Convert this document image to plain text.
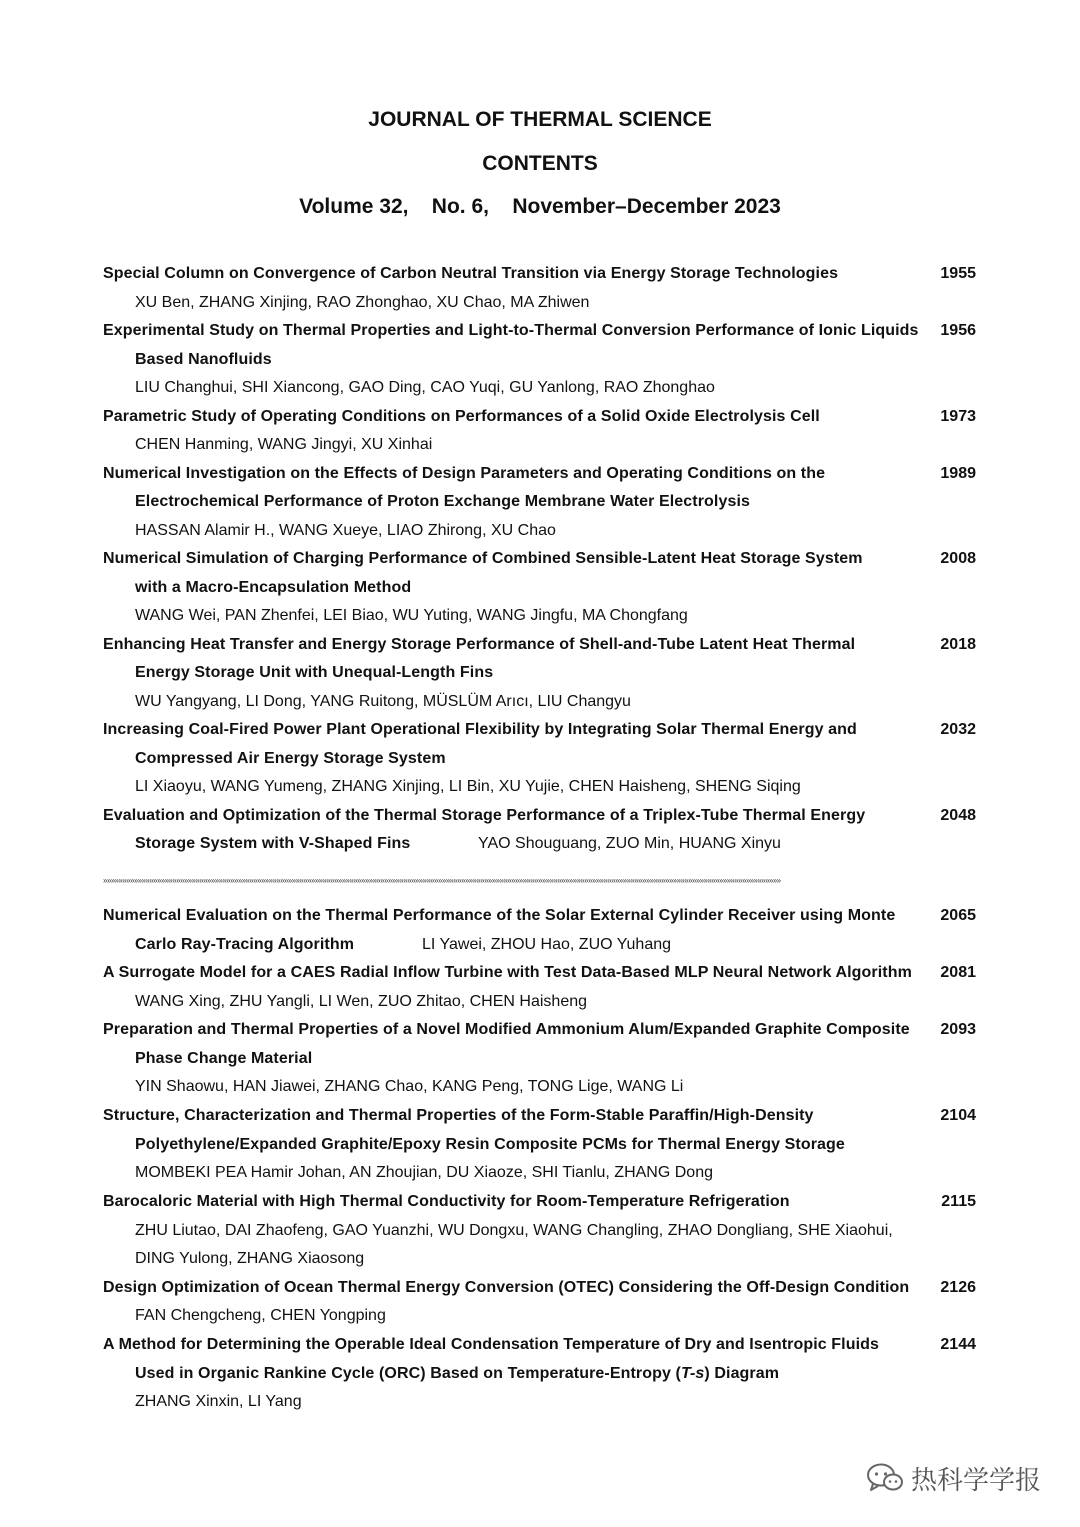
JOURNAL OF THERMAL SCIENCE
CONTENTS
Volume 32,    No. 6,    November–December 2023
Special Column on Convergence of Carbon Neutral Transition via Energy Storage Technologies	1955
XU Ben, ZHANG Xinjing, RAO Zhonghao, XU Chao, MA Zhiwen
Experimental Study on Thermal Properties and Light-to-Thermal Conversion Performance of Ionic Liquids 1956
Based Nanofluids
LIU Changhui, SHI Xiancong, GAO Ding, CAO Yuqi, GU Yanlong, RAO Zhonghao
Parametric Study of Operating Conditions on Performances of a Solid Oxide Electrolysis Cell	1973
CHEN Hanming, WANG Jingyi, XU Xinhai
Numerical Investigation on the Effects of Design Parameters and Operating Conditions on the	1989
Electrochemical Performance of Proton Exchange Membrane Water Electrolysis
HASSAN Alamir H., WANG Xueye, LIAO Zhirong, XU Chao
Numerical Simulation of Charging Performance of Combined Sensible-Latent Heat Storage System	2008
with a Macro-Encapsulation Method
WANG Wei, PAN Zhenfei, LEI Biao, WU Yuting, WANG Jingfu, MA Chongfang
Enhancing Heat Transfer and Energy Storage Performance of Shell-and-Tube Latent Heat Thermal	2018
Energy Storage Unit with Unequal-Length Fins
WU Yangyang, LI Dong, YANG Ruitong, MÜSLÜM Arıcı, LIU Changyu
Increasing Coal-Fired Power Plant Operational Flexibility by Integrating Solar Thermal Energy and	2032
Compressed Air Energy Storage System
LI Xiaoyu, WANG Yumeng, ZHANG Xinjing, LI Bin, XU Yujie, CHEN Haisheng, SHENG Siqing
Evaluation and Optimization of the Thermal Storage Performance of a Triplex-Tube Thermal Energy	2048
Storage System with V-Shaped Fins	YAO Shouguang, ZUO Min, HUANG Xinyu
»»»»»»»»»»»»»»»»»»»»»»»»»»»»»»»»»»»»»»»»»»»»»»»»»»»»»»»»»»»»»»»»»»»»»»»»»»»»»»»»»»»»»»»»»»»»»»»»»»»»»»»»»»»»»»»»»»»»»»»»»»»»»»»»»»»»»»»»»»»»»»»»»»»»»»»»»»»»»»»»»»»»»»»»»»»»»»»»
Numerical Evaluation on the Thermal Performance of the Solar External Cylinder Receiver using Monte	2065
Carlo Ray-Tracing Algorithm	LI Yawei, ZHOU Hao, ZUO Yuhang
A Surrogate Model for a CAES Radial Inflow Turbine with Test Data-Based MLP Neural Network Algorithm 2081
WANG Xing, ZHU Yangli, LI Wen, ZUO Zhitao, CHEN Haisheng
Preparation and Thermal Properties of a Novel Modified Ammonium Alum/Expanded Graphite Composite 2093
Phase Change Material
YIN Shaowu, HAN Jiawei, ZHANG Chao, KANG Peng, TONG Lige, WANG Li
Structure, Characterization and Thermal Properties of the Form-Stable Paraffin/High-Density	2104
Polyethylene/Expanded Graphite/Epoxy Resin Composite PCMs for Thermal Energy Storage
MOMBEKI PEA Hamir Johan, AN Zhoujian, DU Xiaoze, SHI Tianlu, ZHANG Dong
Barocaloric Material with High Thermal Conductivity for Room-Temperature Refrigeration	2115
ZHU Liutao, DAI Zhaofeng, GAO Yuanzhi, WU Dongxu, WANG Changling, ZHAO Dongliang, SHE Xiaohui,
DING Yulong, ZHANG Xiaosong
Design Optimization of Ocean Thermal Energy Conversion (OTEC) Considering the Off-Design Condition 2126
FAN Chengcheng, CHEN Yongping
A Method for Determining the Operable Ideal Condensation Temperature of Dry and Isentropic Fluids	2144
Used in Organic Rankine Cycle (ORC) Based on Temperature-Entropy (T-s) Diagram
ZHANG Xinxin, LI Yang
热科学学报
